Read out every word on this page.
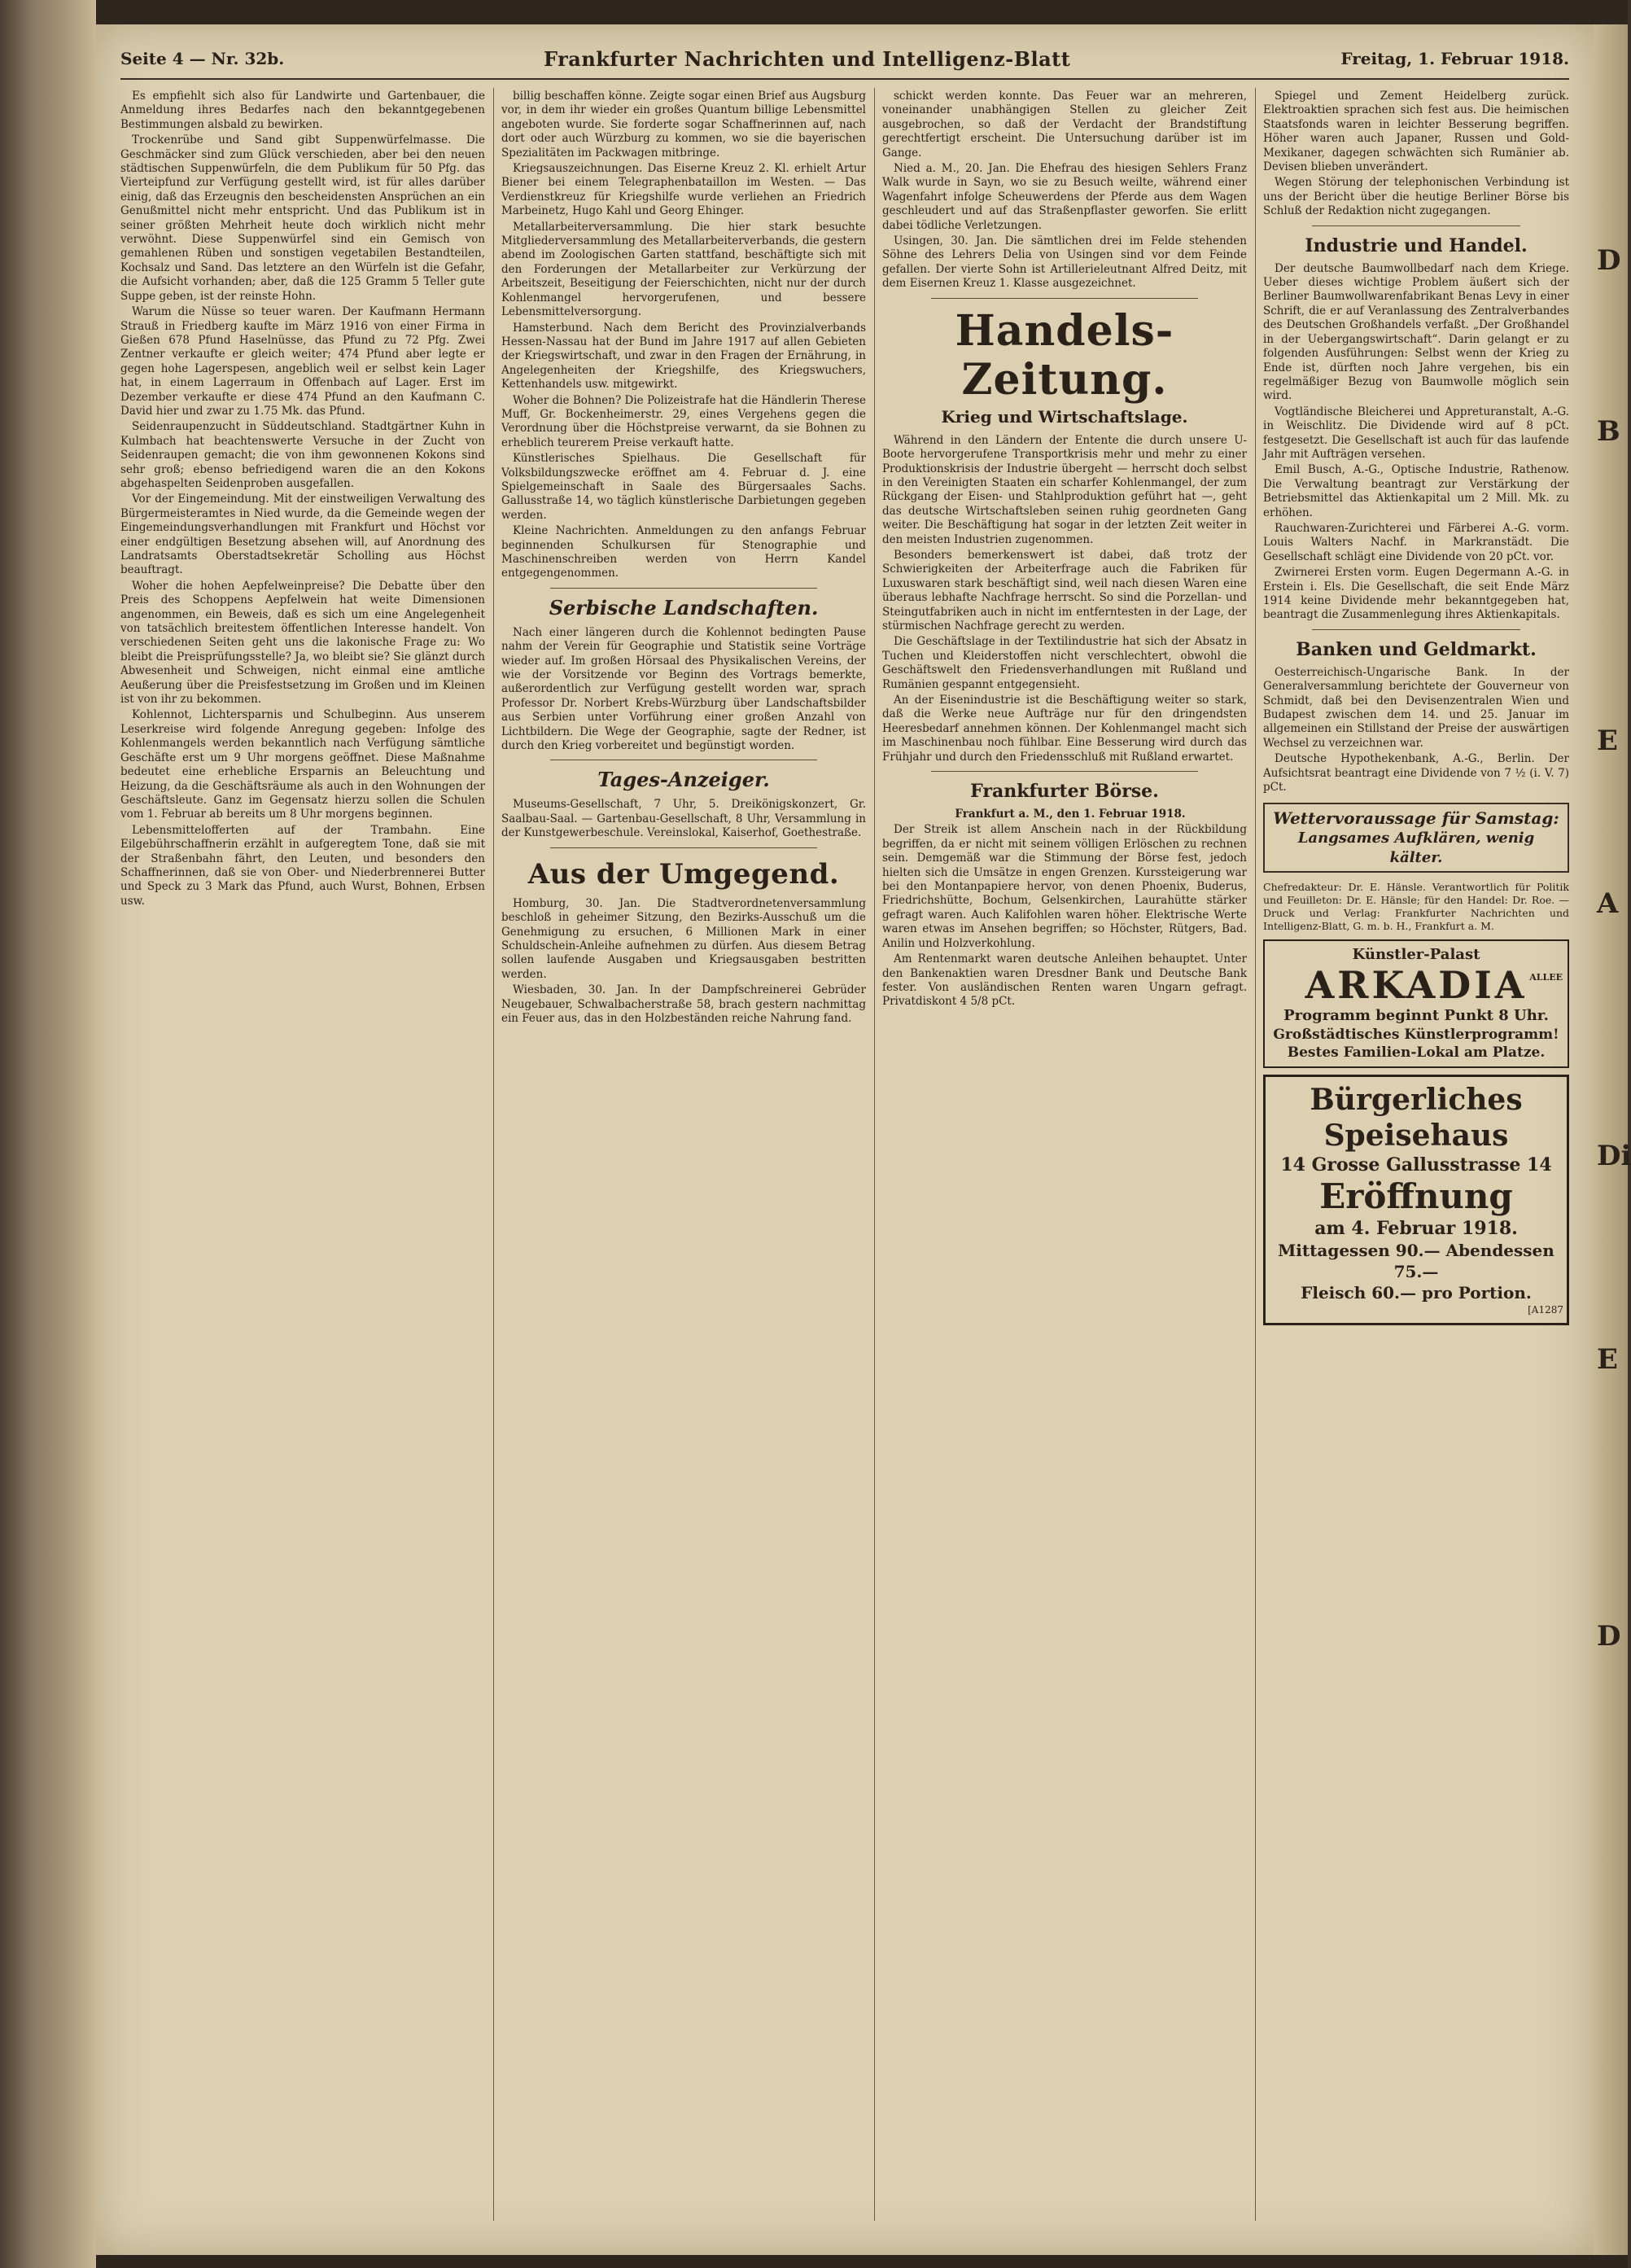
Seite 4 — Nr. 32b.	Frankfurter Nachrichten und Intelligenz-Blatt	Freitag, 1. Februar 1918.

Es empfiehlt sich also für Landwirte und Gartenbauer, die Anmeldung ihres Bedarfes nach den bekanntgegebenen Bestimmungen alsbald zu bewirken.

Trockenrübe und Sand gibt Suppenwürfelmasse. Die Geschmäcker sind zum Glück verschieden, aber bei den neuen städtischen Suppenwürfeln, die dem Publikum für 50 Pfg. das Vierteipfund zur Verfügung gestellt wird, ist für alles darüber einig, daß das Erzeugnis den bescheidensten Ansprüchen an ein Genußmittel nicht mehr entspricht. Und das Publikum ist in seiner größten Mehrheit heute doch wirklich nicht mehr verwöhnt. Diese Suppenwürfel sind ein Gemisch von gemahlenen Rüben und sonstigen vegetabilen Bestandteilen, Kochsalz und Sand. Das letztere an den Würfeln ist die Gefahr, die Aufsicht vorhanden; aber, daß die 125 Gramm 5 Teller gute Suppe geben, ist der reinste Hohn.

Warum die Nüsse so teuer waren. Der Kaufmann Hermann Strauß in Friedberg kaufte im März 1916 von einer Firma in Gießen 678 Pfund Haselnüsse, das Pfund zu 72 Pfg. Zwei Zentner verkaufte er gleich weiter; 474 Pfund aber legte er gegen hohe Lagerspesen, angeblich weil er selbst kein Lager hat, in einem Lagerraum in Offenbach auf Lager. Erst im Dezember verkaufte er diese 474 Pfund an den Kaufmann C. David hier und zwar zu 1.75 Mk. das Pfund.

Seidenraupenzucht in Süddeutschland. Stadtgärtner Kuhn in Kulmbach hat beachtenswerte Versuche in der Zucht von Seidenraupen gemacht; die von ihm gewonnenen Kokons sind sehr groß; ebenso befriedigend waren die an den Kokons abgehaspelten Seidenproben ausgefallen.

Vor der Eingemeindung. Mit der einstweiligen Verwaltung des Bürgermeisteramtes in Nied wurde, da die Gemeinde wegen der Eingemeindungsverhandlungen mit Frankfurt und Höchst vor einer endgültigen Besetzung absehen will, auf Anordnung des Landratsamts Oberstadtsekretär Scholling aus Höchst beauftragt.

Woher die hohen Aepfelweinpreise? Die Debatte über den Preis des Schoppens Aepfelwein hat weite Dimensionen angenommen, ein Beweis, daß es sich um eine Angelegenheit von tatsächlich breitestem öffentlichen Interesse handelt. Von verschiedenen Seiten geht uns die lakonische Frage zu: Wo bleibt die Preisprüfungsstelle? Ja, wo bleibt sie? Sie glänzt durch Abwesenheit und Schweigen, nicht einmal eine amtliche Aeußerung über die Preisfestsetzung im Großen und im Kleinen ist von ihr zu bekommen.

Kohlennot, Lichtersparnis und Schulbeginn. Aus unserem Leserkreise wird folgende Anregung gegeben: Infolge des Kohlenmangels werden bekanntlich nach Verfügung sämtliche Geschäfte erst um 9 Uhr morgens geöffnet. Diese Maßnahme bedeutet eine erhebliche Ersparnis an Beleuchtung und Heizung, da die Geschäftsräume als auch in den Wohnungen der Geschäftsleute. Ganz im Gegensatz hierzu sollen die Schulen vom 1. Februar ab bereits um 8 Uhr morgens beginnen.

Lebensmittelofferten auf der Trambahn. Eine Eilgebührschaffnerin erzählt in aufgeregtem Tone, daß sie mit der Straßenbahn fährt, den Leuten, und besonders den Schaffnerinnen, daß sie von Ober- und Niederbrennerei Butter und Speck zu 3 Mark das Pfund, auch Wurst, Bohnen, Erbsen usw.

billig beschaffen könne. Zeigte sogar einen Brief aus Augsburg vor, in dem ihr wieder ein großes Quantum billige Lebensmittel angeboten wurde. Sie forderte sogar Schaffnerinnen auf, nach dort oder auch Würzburg zu kommen, wo sie die bayerischen Spezialitäten im Packwagen mitbringe.

Kriegsauszeichnungen. Das Eiserne Kreuz 2. Kl. erhielt Artur Biener bei einem Telegraphenbataillon im Westen. — Das Verdienstkreuz für Kriegshilfe wurde verliehen an Friedrich Marbeinetz, Hugo Kahl und Georg Ehinger.

Metallarbeiterversammlung. Die hier stark besuchte Mitgliederversammlung des Metallarbeiterverbands, die gestern abend im Zoologischen Garten stattfand, beschäftigte sich mit den Forderungen der Metallarbeiter zur Verkürzung der Arbeitszeit, Beseitigung der Feierschichten, nicht nur der durch Kohlenmangel hervorgerufenen, und bessere Lebensmittelversorgung.

Hamsterbund. Nach dem Bericht des Provinzialverbands Hessen-Nassau hat der Bund im Jahre 1917 auf allen Gebieten der Kriegswirtschaft, und zwar in den Fragen der Ernährung, in Angelegenheiten der Kriegshilfe, des Kriegswuchers, Kettenhandels usw. mitgewirkt.

Woher die Bohnen? Die Polizeistrafe hat die Händlerin Therese Muff, Gr. Bockenheimerstr. 29, eines Vergehens gegen die Verordnung über die Höchstpreise verwarnt, da sie Bohnen zu erheblich teurerem Preise verkauft hatte.

Künstlerisches Spielhaus. Die Gesellschaft für Volksbildungszwecke eröffnet am 4. Februar d. J. eine Spielgemeinschaft in Saale des Bürgersaales Sachs. Gallusstraße 14, wo täglich künstlerische Darbietungen gegeben werden.

Kleine Nachrichten. Anmeldungen zu den anfangs Februar beginnenden Schulkursen für Stenographie und Maschinenschreiben werden von Herrn Kandel entgegengenommen.

Serbische Landschaften.

Nach einer längeren durch die Kohlennot bedingten Pause nahm der Verein für Geographie und Statistik seine Vorträge wieder auf. Im großen Hörsaal des Physikalischen Vereins, der wie der Vorsitzende vor Beginn des Vortrags bemerkte, außerordentlich zur Verfügung gestellt worden war, sprach Professor Dr. Norbert Krebs-Würzburg über Landschaftsbilder aus Serbien unter Vorführung einer großen Anzahl von Lichtbildern. Die Wege der Geographie, sagte der Redner, ist durch den Krieg vorbereitet und begünstigt worden.

Tages-Anzeiger.

Museums-Gesellschaft, 7 Uhr, 5. Dreikönigskonzert, Gr. Saalbau-Saal. — Gartenbau-Gesellschaft, 8 Uhr, Versammlung in der Kunstgewerbeschule. Vereinslokal, Kaiserhof, Goethestraße.

Aus der Umgegend.

Homburg, 30. Jan. Die Stadtverordnetenversammlung beschloß in geheimer Sitzung, den Bezirks-Ausschuß um die Genehmigung zu ersuchen, 6 Millionen Mark in einer Schuldschein-Anleihe aufnehmen zu dürfen. Aus diesem Betrag sollen laufende Ausgaben und Kriegsausgaben bestritten werden.

Wiesbaden, 30. Jan. In der Dampfschreinerei Gebrüder Neugebauer, Schwalbacherstraße 58, brach gestern nachmittag ein Feuer aus, das in den Holzbeständen reiche Nahrung fand.

schickt werden konnte. Das Feuer war an mehreren, voneinander unabhängigen Stellen zu gleicher Zeit ausgebrochen, so daß der Verdacht der Brandstiftung gerechtfertigt erscheint. Die Untersuchung darüber ist im Gange.

Nied a. M., 20. Jan. Die Ehefrau des hiesigen Sehlers Franz Walk wurde in Sayn, wo sie zu Besuch weilte, während einer Wagenfahrt infolge Scheuwerdens der Pferde aus dem Wagen geschleudert und auf das Straßenpflaster geworfen. Sie erlitt dabei tödliche Verletzungen.

Usingen, 30. Jan. Die sämtlichen drei im Felde stehenden Söhne des Lehrers Delia von Usingen sind vor dem Feinde gefallen. Der vierte Sohn ist Artillerieleutnant Alfred Deitz, mit dem Eisernen Kreuz 1. Klasse ausgezeichnet.

Handels-Zeitung.
Krieg und Wirtschaftslage.

Während in den Ländern der Entente die durch unsere U-Boote hervorgerufene Transportkrisis mehr und mehr zu einer Produktionskrisis der Industrie übergeht — herrscht doch selbst in den Vereinigten Staaten ein scharfer Kohlenmangel, der zum Rückgang der Eisen- und Stahlproduktion geführt hat —, geht das deutsche Wirtschaftsleben seinen ruhig geordneten Gang weiter. Die Beschäftigung hat sogar in der letzten Zeit weiter in den meisten Industrien zugenommen.

Besonders bemerkenswert ist dabei, daß trotz der Schwierigkeiten der Arbeiterfrage auch die Fabriken für Luxuswaren stark beschäftigt sind, weil nach diesen Waren eine überaus lebhafte Nachfrage herrscht. So sind die Porzellan- und Steingutfabriken auch in nicht im entferntesten in der Lage, der stürmischen Nachfrage gerecht zu werden.

Die Geschäftslage in der Textilindustrie hat sich der Absatz in Tuchen und Kleiderstoffen nicht verschlechtert, obwohl die Geschäftswelt den Friedensverhandlungen mit Rußland und Rumänien gespannt entgegensieht.

An der Eisenindustrie ist die Beschäftigung weiter so stark, daß die Werke neue Aufträge nur für den dringendsten Heeresbedarf annehmen können. Der Kohlenmangel macht sich im Maschinenbau noch fühlbar. Eine Besserung wird durch das Frühjahr und durch den Friedensschluß mit Rußland erwartet.

Frankfurter Börse.

Frankfurt a. M., den 1. Februar 1918.

Der Streik ist allem Anschein nach in der Rückbildung begriffen, da er nicht mit seinem völligen Erlöschen zu rechnen sein. Demgemäß war die Stimmung der Börse fest, jedoch hielten sich die Umsätze in engen Grenzen. Kurssteigerung war bei den Montanpapiere hervor, von denen Phoenix, Buderus, Friedrichshütte, Bochum, Gelsenkirchen, Laurahütte stärker gefragt waren. Auch Kalifohlen waren höher. Elektrische Werte waren etwas im Ansehen begriffen; so Höchster, Rütgers, Bad. Anilin und Holzverkohlung.

Am Rentenmarkt waren deutsche Anleihen behauptet. Unter den Bankenaktien waren Dresdner Bank und Deutsche Bank fester. Von ausländischen Renten waren Ungarn gefragt. Privatdiskont 4 5/8 pCt.

Spiegel und Zement Heidelberg zurück. Elektroaktien sprachen sich fest aus. Die heimischen Staatsfonds waren in leichter Besserung begriffen. Höher waren auch Japaner, Russen und Gold-Mexikaner, dagegen schwächten sich Rumänier ab. Devisen blieben unverändert.

Wegen Störung der telephonischen Verbindung ist uns der Bericht über die heutige Berliner Börse bis Schluß der Redaktion nicht zugegangen.

Industrie und Handel.

Der deutsche Baumwollbedarf nach dem Kriege. Ueber dieses wichtige Problem äußert sich der Berliner Baumwollwarenfabrikant Benas Levy in einer Schrift, die er auf Veranlassung des Zentralverbandes des Deutschen Großhandels verfaßt. „Der Großhandel in der Uebergangswirtschaft“. Darin gelangt er zu folgenden Ausführungen: Selbst wenn der Krieg zu Ende ist, dürften noch Jahre vergehen, bis ein regelmäßiger Bezug von Baumwolle möglich sein wird.

Vogtländische Bleicherei und Appreturanstalt, A.-G. in Weischlitz. Die Dividende wird auf 8 pCt. festgesetzt. Die Gesellschaft ist auch für das laufende Jahr mit Aufträgen versehen.

Emil Busch, A.-G., Optische Industrie, Rathenow. Die Verwaltung beantragt zur Verstärkung der Betriebsmittel das Aktienkapital um 2 Mill. Mk. zu erhöhen.

Rauchwaren-Zurichterei und Färberei A.-G. vorm. Louis Walters Nachf. in Markranstädt. Die Gesellschaft schlägt eine Dividende von 20 pCt. vor.

Zwirnerei Ersten vorm. Eugen Degermann A.-G. in Erstein i. Els. Die Gesellschaft, die seit Ende März 1914 keine Dividende mehr bekanntgegeben hat, beantragt die Zusammenlegung ihres Aktienkapitals.

Banken und Geldmarkt.

Oesterreichisch-Ungarische Bank. In der Generalversammlung berichtete der Gouverneur von Schmidt, daß bei den Devisenzentralen Wien und Budapest zwischen dem 14. und 25. Januar im allgemeinen ein Stillstand der Preise der auswärtigen Wechsel zu verzeichnen war.

Deutsche Hypothekenbank, A.-G., Berlin. Der Aufsichtsrat beantragt eine Dividende von 7 ½ (i. V. 7) pCt.

Wettervoraussage für Samstag:
Langsames Aufklären, wenig kälter.

Chefredakteur: Dr. E. Hänsle. Verantwortlich für Politik und Feuilleton: Dr. E. Hänsle; für den Handel: Dr. Roe. — Druck und Verlag: Frankfurter Nachrichten und Intelligenz-Blatt, G. m. b. H., Frankfurt a. M.

Künstler-Palast
ARKADIA ALLEE
Programm beginnt Punkt 8 Uhr.
Großstädtisches Künstlerprogramm!
Bestes Familien-Lokal am Platze.
Bürgerliches Speisehaus
14 Grosse Gallusstrasse 14
Eröffnung
am 4. Februar 1918.
Mittagessen 90.— Abendessen 75.—
Fleisch 60.— pro Portion.
[A1287
D
B
E
A
Di
E
D
